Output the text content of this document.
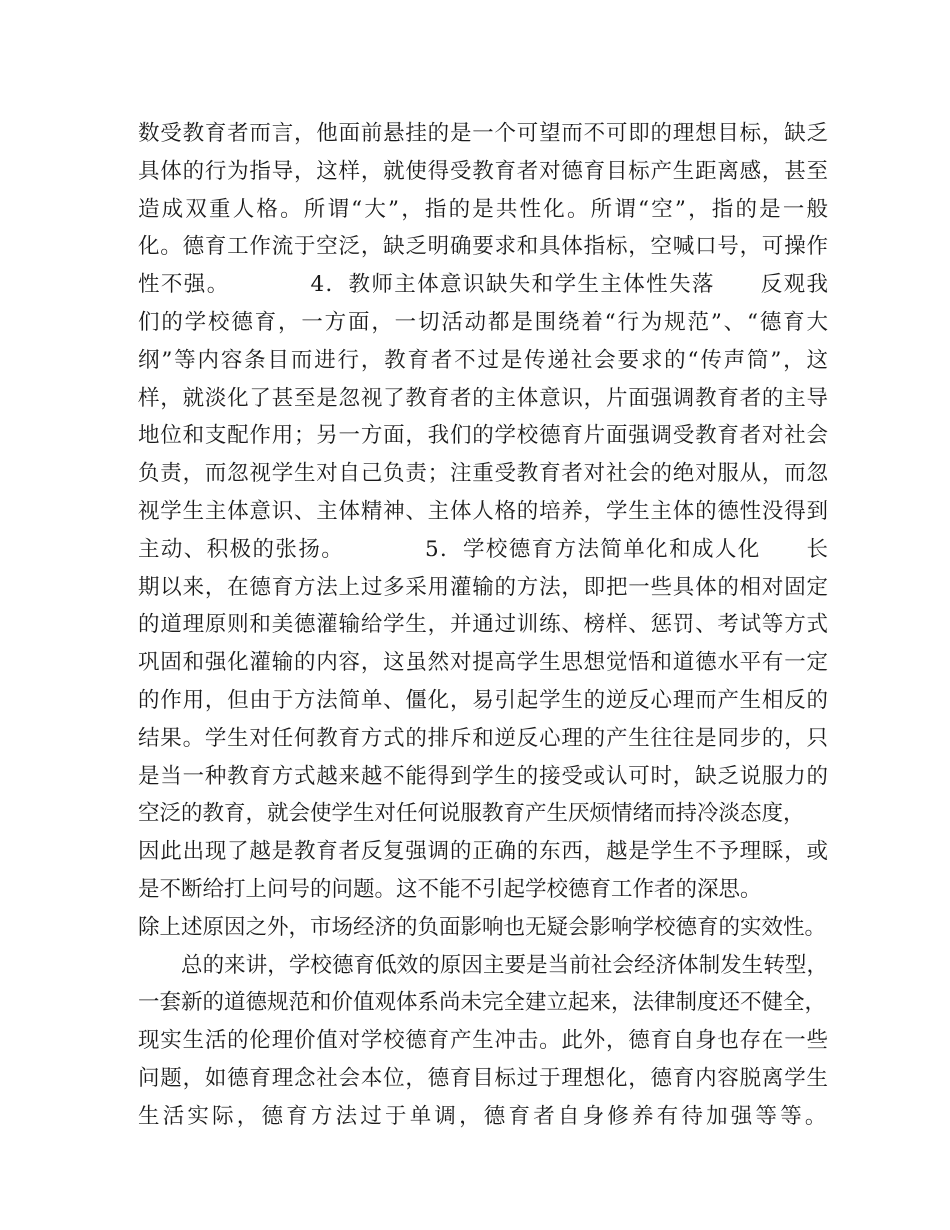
数受教育者而言，他面前悬挂的是一个可望而不可即的理想目标，缺乏
具体的行为指导，这样，就使得受教育者对德育目标产生距离感，甚至
造成双重人格。所谓“大”，指的是共性化。所谓“空”，指的是一般
化。德育工作流于空泛，缺乏明确要求和具体指标，空喊口号，可操作
性不强。　　　　4．教师主体意识缺失和学生主体性失落　　反观我
们的学校德育，一方面，一切活动都是围绕着“行为规范”、“德育大
纲”等内容条目而进行，教育者不过是传递社会要求的“传声筒”，这
样，就淡化了甚至是忽视了教育者的主体意识，片面强调教育者的主导
地位和支配作用；另一方面，我们的学校德育片面强调受教育者对社会
负责，而忽视学生对自己负责；注重受教育者对社会的绝对服从，而忽
视学生主体意识、主体精神、主体人格的培养，学生主体的德性没得到
主动、积极的张扬。　　　　5．学校德育方法简单化和成人化　　长
期以来，在德育方法上过多采用灌输的方法，即把一些具体的相对固定
的道理原则和美德灌输给学生，并通过训练、榜样、惩罚、考试等方式
巩固和强化灌输的内容，这虽然对提高学生思想觉悟和道德水平有一定
的作用，但由于方法简单、僵化，易引起学生的逆反心理而产生相反的
结果。学生对任何教育方式的排斥和逆反心理的产生往往是同步的，只
是当一种教育方式越来越不能得到学生的接受或认可时，缺乏说服力的
空泛的教育，就会使学生对任何说服教育产生厌烦情绪而持冷淡态度，
因此出现了越是教育者反复强调的正确的东西，越是学生不予理睬，或
是不断给打上问号的问题。这不能不引起学校德育工作者的深思。
除上述原因之外，市场经济的负面影响也无疑会影响学校德育的实效性。
总的来讲，学校德育低效的原因主要是当前社会经济体制发生转型，
一套新的道德规范和价值观体系尚未完全建立起来，法律制度还不健全，
现实生活的伦理价值对学校德育产生冲击。此外，德育自身也存在一些
问题，如德育理念社会本位，德育目标过于理想化，德育内容脱离学生
生活实际，德育方法过于单调，德育者自身修养有待加强等等。
